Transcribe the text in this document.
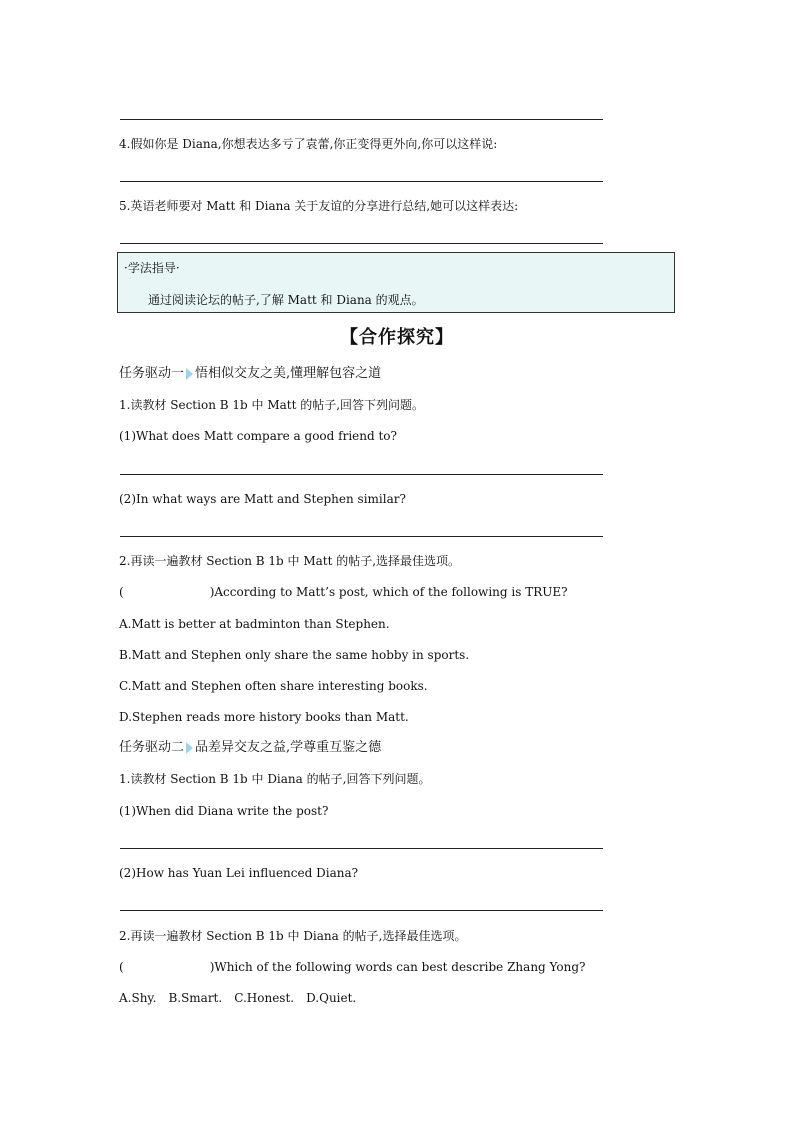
4.假如你是 Diana,你想表达多亏了袁蕾,你正变得更外向,你可以这样说:
5.英语老师要对 Matt 和 Diana 关于友谊的分享进行总结,她可以这样表达:
·学法指导·
通过阅读论坛的帖子,了解 Matt 和 Diana 的观点。
【合作探究】
任务驱动一 悟相似交友之美,懂理解包容之道
1.读教材 Section B 1b 中 Matt 的帖子,回答下列问题。
(1)What does Matt compare a good friend to?
(2)In what ways are Matt and Stephen similar?
2.再读一遍教材 Section B 1b 中 Matt 的帖子,选择最佳选项。
(	)According to Matt’s post, which of the following is TRUE?
A.Matt is better at badminton than Stephen.
B.Matt and Stephen only share the same hobby in sports.
C.Matt and Stephen often share interesting books.
D.Stephen reads more history books than Matt.
任务驱动二 品差异交友之益,学尊重互鉴之德
1.读教材 Section B 1b 中 Diana 的帖子,回答下列问题。
(1)When did Diana write the post?
(2)How has Yuan Lei influenced Diana?
2.再读一遍教材 Section B 1b 中 Diana 的帖子,选择最佳选项。
(	)Which of the following words can best describe Zhang Yong?
A.Shy. B.Smart. C.Honest. D.Quiet.
